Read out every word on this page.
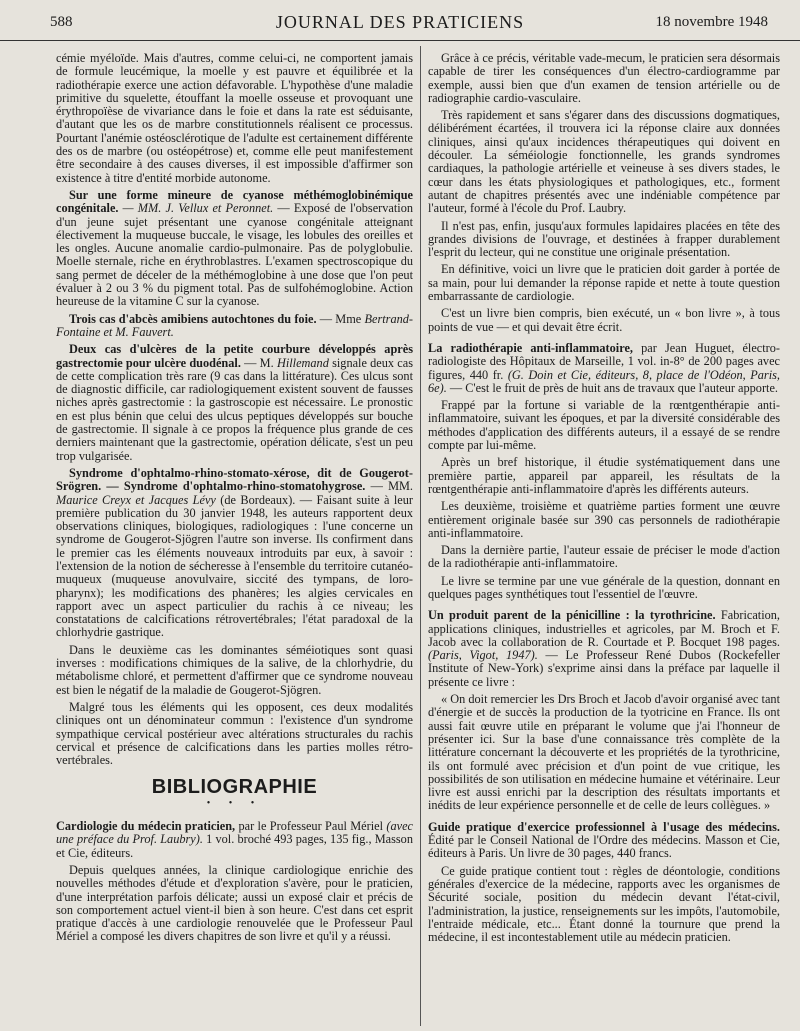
588	JOURNAL DES PRATICIENS	18 novembre 1948

cémie myéloïde. Mais d'autres, comme celui-ci, ne comportent jamais de formule leucémique, la moelle y est pauvre et équilibrée et la radiothérapie exerce une action défavorable. L'hypothèse d'une maladie primitive du squelette, étouffant la moelle osseuse et provoquant une érythropoïèse de vivariance dans le foie et dans la rate est séduisante, d'autant que les os de marbre constitutionnels réalisent ce processus. Pourtant l'anémie ostéosclérotique de l'adulte est certainement différente des os de marbre (ou ostéopétrose) et, comme elle peut manifestement être secondaire à des causes diverses, il est impossible d'affirmer son existence à titre d'entité morbide autonome.

Sur une forme mineure de cyanose méthémoglobinémique congénitale. — MM. J. Vellux et Peronnet. — Exposé de l'observation d'un jeune sujet présentant une cyanose congénitale atteignant électivement la muqueuse buccale, le visage, les lobules des oreilles et les ongles. Aucune anomalie cardio-pulmonaire. Pas de polyglobulie. Moelle sternale, riche en érythroblastres. L'examen spectroscopique du sang permet de déceler de la méthémoglobine à une dose que l'on peut évaluer à 2 ou 3 % du pigment total. Pas de sulfohémoglobine. Action heureuse de la vitamine C sur la cyanose.

Trois cas d'abcès amibiens autochtones du foie. — Mme Bertrand-Fontaine et M. Fauvert.

Deux cas d'ulcères de la petite courbure développés après gastrectomie pour ulcère duodénal. — M. Hillemand signale deux cas de cette complication très rare (9 cas dans la littérature). Ces ulcus sont de diagnostic difficile, car radiologiquement existent souvent de fausses niches après gastrectomie : la gastroscopie est nécessaire. Le pronostic en est plus bénin que celui des ulcus peptiques développés sur bouche de gastrectomie. Il signale à ce propos la fréquence plus grande de ces derniers maintenant que la gastrectomie, opération délicate, s'est un peu trop vulgarisée.

Syndrome d'ophtalmo-rhino-stomato-xérose, dit de Gougerot-Srögren. — Syndrome d'ophtalmo-rhino-stomatohygrose. — MM. Maurice Creyx et Jacques Lévy (de Bordeaux). — Faisant suite à leur première publication du 30 janvier 1948, les auteurs rapportent deux observations cliniques, biologiques, radiologiques : l'une concerne un syndrome de Gougerot-Sjögren l'autre son inverse. Ils confirment dans le premier cas les éléments nouveaux introduits par eux, à savoir : l'extension de la notion de sécheresse à l'ensemble du territoire cutanéo-muqueux (muqueuse anovulvaire, siccité des tympans, de loro-pharynx); les modifications des phanères; les algies cervicales en rapport avec un aspect particulier du rachis à ce niveau; les constatations de calcifications rétrovertébrales; l'état paradoxal de la chlorhydrie gastrique.

Dans le deuxième cas les dominantes séméiotiques sont quasi inverses : modifications chimiques de la salive, de la chlorhydrie, du métabolisme chloré, et permettent d'affirmer que ce syndrome nouveau est bien le négatif de la maladie de Gougerot-Sjögren.

Malgré tous les éléments qui les opposent, ces deux modalités cliniques ont un dénominateur commun : l'existence d'un syndrome sympathique cervical postérieur avec altérations structurales du rachis cervical et présence de calcifications dans les parties molles rétro-vertébrales.

BIBLIOGRAPHIE
• • •

Cardiologie du médecin praticien, par le Professeur Paul Mériel (avec une préface du Prof. Laubry). 1 vol. broché 493 pages, 135 fig., Masson et Cie, éditeurs.

Depuis quelques années, la clinique cardiologique enrichie des nouvelles méthodes d'étude et d'exploration s'avère, pour le praticien, d'une interprétation parfois délicate; aussi un exposé clair et précis de son comportement actuel vient-il bien à son heure. C'est dans cet esprit pratique d'accès à une cardiologie renouvelée que le Professeur Paul Mériel a composé les divers chapitres de son livre et qu'il y a réussi.

Grâce à ce précis, véritable vade-mecum, le praticien sera désormais capable de tirer les conséquences d'un électro-cardiogramme par exemple, aussi bien que d'un examen de tension artérielle ou de radiographie cardio-vasculaire.

Très rapidement et sans s'égarer dans des discussions dogmatiques, délibérément écartées, il trouvera ici la réponse claire aux données cliniques, ainsi qu'aux incidences thérapeutiques qui doivent en découler. La séméiologie fonctionnelle, les grands syndromes cardiaques, la pathologie artérielle et veineuse à ses divers stades, le cœur dans les états physiologiques et pathologiques, etc., forment autant de chapitres présentés avec une indéniable compétence par l'auteur, formé à l'école du Prof. Laubry.

Il n'est pas, enfin, jusqu'aux formules lapidaires placées en tête des grandes divisions de l'ouvrage, et destinées à frapper durablement l'esprit du lecteur, qui ne constitue une originale présentation.

En définitive, voici un livre que le praticien doit garder à portée de sa main, pour lui demander la réponse rapide et nette à toute question embarrassante de cardiologie.

C'est un livre bien compris, bien exécuté, un « bon livre », à tous points de vue — et qui devait être écrit.

La radiothérapie anti-inflammatoire, par Jean Huguet, électro-radiologiste des Hôpitaux de Marseille, 1 vol. in-8° de 200 pages avec figures, 440 fr. (G. Doin et Cie, éditeurs, 8, place de l'Odéon, Paris, 6e). — C'est le fruit de près de huit ans de travaux que l'auteur apporte.

Frappé par la fortune si variable de la rœntgenthérapie anti-inflammatoire, suivant les époques, et par la diversité considérable des méthodes d'application des différents auteurs, il a essayé de se rendre compte par lui-même.

Après un bref historique, il étudie systématiquement dans une première partie, appareil par appareil, les résultats de la rœntgenthérapie anti-inflammatoire d'après les différents auteurs.

Les deuxième, troisième et quatrième parties forment une œuvre entièrement originale basée sur 390 cas personnels de radiothérapie anti-inflammatoire.

Dans la dernière partie, l'auteur essaie de préciser le mode d'action de la radiothérapie anti-inflammatoire.

Le livre se termine par une vue générale de la question, donnant en quelques pages synthétiques tout l'essentiel de l'œuvre.

Un produit parent de la pénicilline : la tyrothricine. Fabrication, applications cliniques, industrielles et agricoles, par M. Broch et F. Jacob avec la collaboration de R. Courtade et P. Bocquet 198 pages. (Paris, Vigot, 1947). — Le Professeur René Dubos (Rockefeller Institute of New-York) s'exprime ainsi dans la préface par laquelle il présente ce livre :

« On doit remercier les Drs Broch et Jacob d'avoir organisé avec tant d'énergie et de succès la production de la tyotricine en France. Ils ont aussi fait œuvre utile en préparant le volume que j'ai l'honneur de présenter ici. Sur la base d'une connaissance très complète de la littérature concernant la découverte et les propriétés de la tyrothricine, ils ont formulé avec précision et d'un point de vue critique, les possibilités de son utilisation en médecine humaine et vétérinaire. Leur livre est aussi enrichi par la description des résultats importants et inédits de leur expérience personnelle et de celle de leurs collègues. »

Guide pratique d'exercice professionnel à l'usage des médecins. Édité par le Conseil National de l'Ordre des médecins. Masson et Cie, éditeurs à Paris. Un livre de 30 pages, 440 francs.

Ce guide pratique contient tout : règles de déontologie, conditions générales d'exercice de la médecine, rapports avec les organismes de Sécurité sociale, position du médecin devant l'état-civil, l'administration, la justice, renseignements sur les impôts, l'automobile, l'entraide médicale, etc... Étant donné la tournure que prend la médecine, il est incontestablement utile au médecin praticien.
